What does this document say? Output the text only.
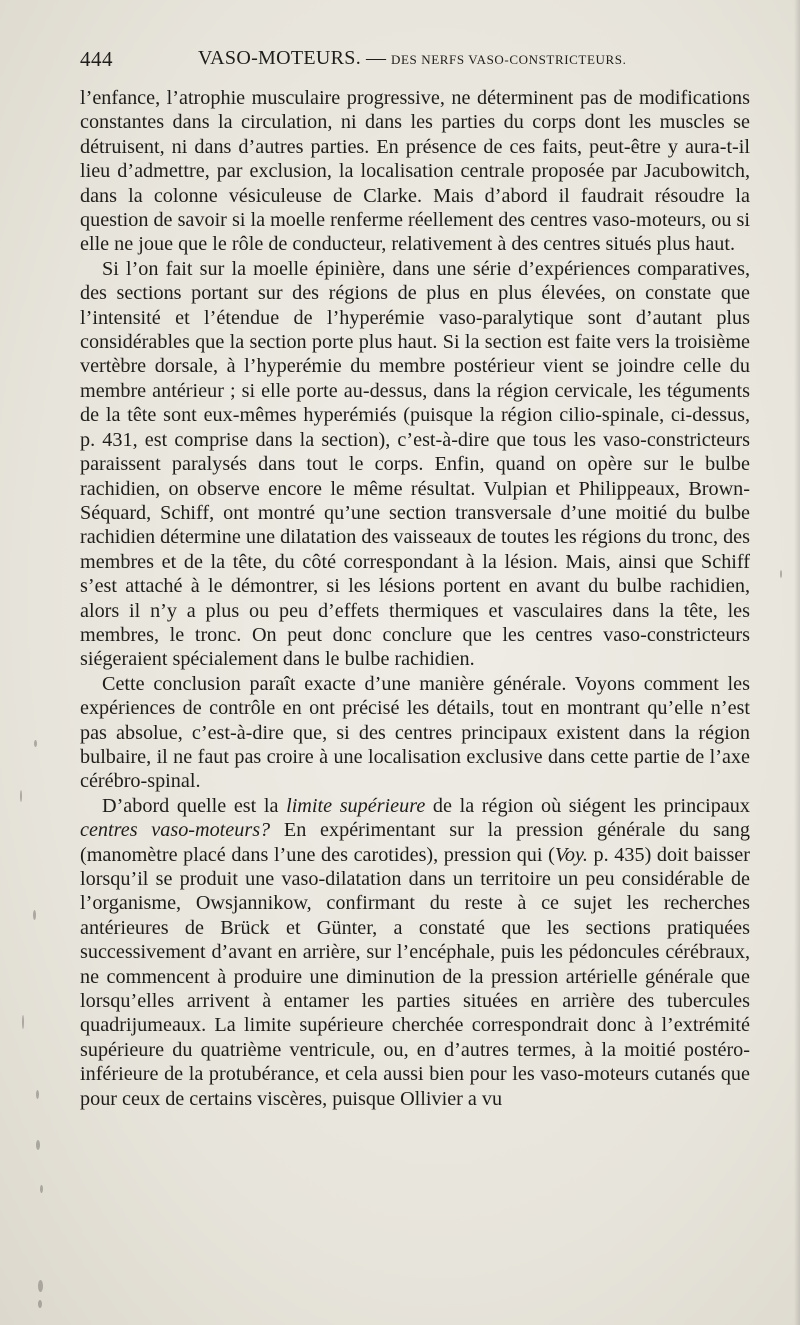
444	VASO-MOTEURS. — DES NERFS VASO-CONSTRICTEURS.

l’enfance, l’atrophie musculaire progressive, ne déterminent pas de modifications constantes dans la circulation, ni dans les parties du corps dont les muscles se détruisent, ni dans d’autres parties. En présence de ces faits, peut-être y aura-t-il lieu d’admettre, par exclusion, la localisation centrale proposée par Jacubowitch, dans la colonne vésiculeuse de Clarke. Mais d’abord il faudrait résoudre la question de savoir si la moelle renferme réellement des centres vaso-moteurs, ou si elle ne joue que le rôle de conducteur, relativement à des centres situés plus haut.

Si l’on fait sur la moelle épinière, dans une série d’expériences comparatives, des sections portant sur des régions de plus en plus élevées, on constate que l’intensité et l’étendue de l’hyperémie vaso-paralytique sont d’autant plus considérables que la section porte plus haut. Si la section est faite vers la troisième vertèbre dorsale, à l’hyperémie du membre postérieur vient se joindre celle du membre antérieur ; si elle porte au-dessus, dans la région cervicale, les téguments de la tête sont eux-mêmes hyperémiés (puisque la région cilio-spinale, ci-dessus, p. 431, est comprise dans la section), c’est-à-dire que tous les vaso-constricteurs paraissent paralysés dans tout le corps. Enfin, quand on opère sur le bulbe rachidien, on observe encore le même résultat. Vulpian et Philippeaux, Brown-Séquard, Schiff, ont montré qu’une section transversale d’une moitié du bulbe rachidien détermine une dilatation des vaisseaux de toutes les régions du tronc, des membres et de la tête, du côté correspondant à la lésion. Mais, ainsi que Schiff s’est attaché à le démontrer, si les lésions portent en avant du bulbe rachidien, alors il n’y a plus ou peu d’effets thermiques et vasculaires dans la tête, les membres, le tronc. On peut donc conclure que les centres vaso-constricteurs siégeraient spécialement dans le bulbe rachidien.

Cette conclusion paraît exacte d’une manière générale. Voyons comment les expériences de contrôle en ont précisé les détails, tout en montrant qu’elle n’est pas absolue, c’est-à-dire que, si des centres principaux existent dans la région bulbaire, il ne faut pas croire à une localisation exclusive dans cette partie de l’axe cérébro-spinal.

D’abord quelle est la limite supérieure de la région où siégent les principaux centres vaso-moteurs? En expérimentant sur la pression générale du sang (manomètre placé dans l’une des carotides), pression qui (Voy. p. 435) doit baisser lorsqu’il se produit une vaso-dilatation dans un territoire un peu considérable de l’organisme, Owsjannikow, confirmant du reste à ce sujet les recherches antérieures de Brück et Günter, a constaté que les sections pratiquées successivement d’avant en arrière, sur l’encéphale, puis les pédoncules cérébraux, ne commencent à produire une diminution de la pression artérielle générale que lorsqu’elles arrivent à entamer les parties situées en arrière des tubercules quadrijumeaux. La limite supérieure cherchée correspondrait donc à l’extrémité supérieure du quatrième ventricule, ou, en d’autres termes, à la moitié postéro-inférieure de la protubérance, et cela aussi bien pour les vaso-moteurs cutanés que pour ceux de certains viscères, puisque Ollivier a vu
